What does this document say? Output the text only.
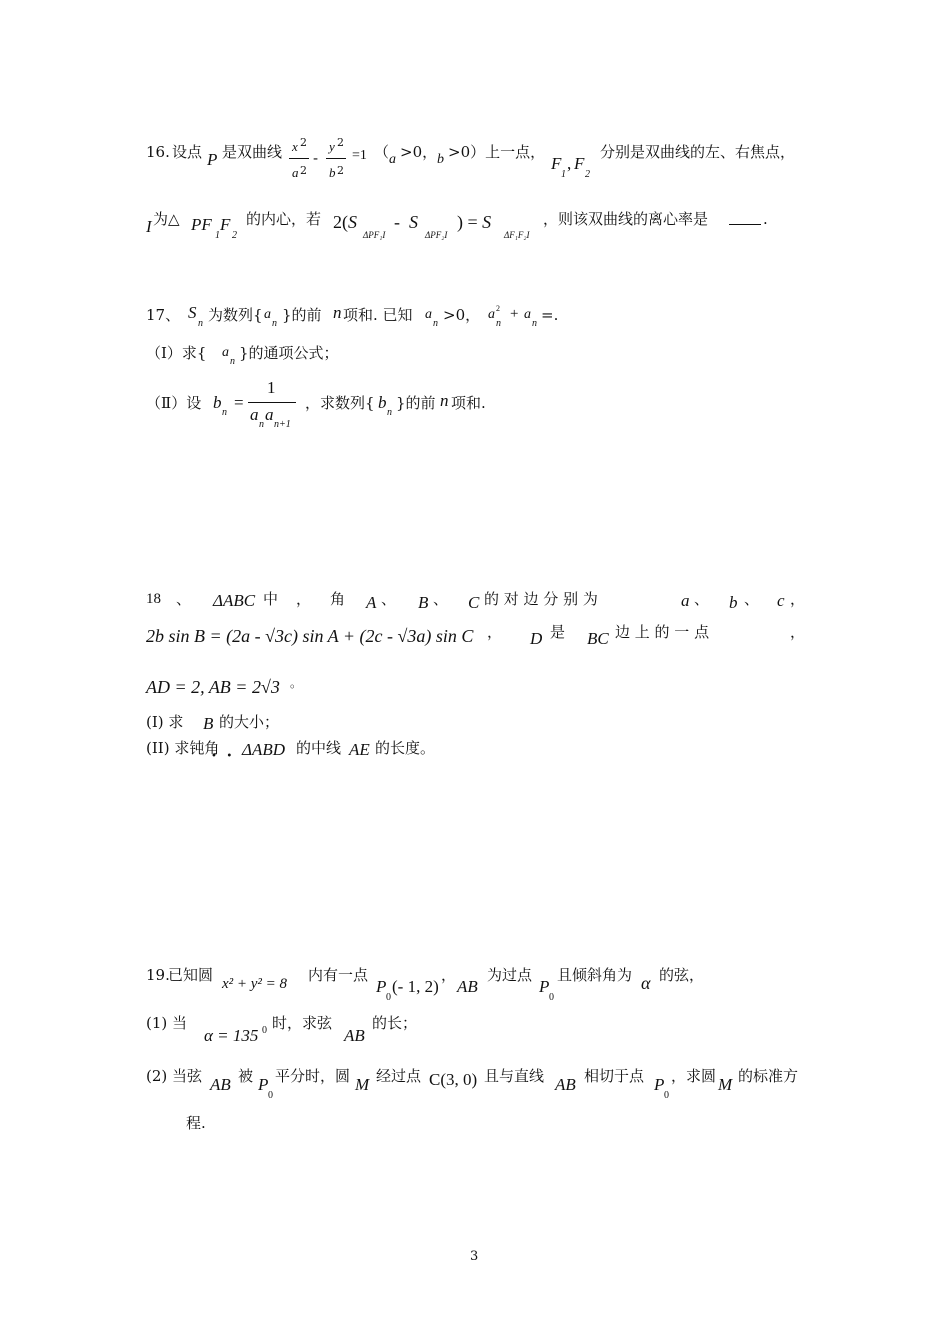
16. 设点 P 是双曲线 x 2
a 2
-
y 2
b 2
=1 （ a >0， b >0）上一点，
F
1
, F
2
分别是双曲线的左、右焦点，
I 为△ PF
1
F
2
的内心，若 2(S
ΔPF₁I
-  S
ΔPF₂I
) = S
ΔF₁F₂I
，则该双曲线的离心率是	.
17、 S
n 为数列{ a
n }的前 n 项和. 已知 a
n >0， a 2
n
+ a
n =.
（Ⅰ）求{ a
n }的通项公式；
（Ⅱ）设 b
n
=
1
a
n
a
n+1
，求数列{ b
n
}的前 n 项和.
18 、 ΔABC 中 ， 角 A 、 B 、 C 的 对 边 分 别 为	a 、 b 、 c ，
2b sin B = (2a - √3c) sin A + (2c - √3a) sin C ， D 是 BC 边 上 的 一 点	，
AD = 2, AB = 2√3 。
(I) 求 B 的大小；
(II) 求钝角
•   • ΔABD 的中线 AE 的长度。
19.
已知圆 x² + y² = 8 内有一点
P
0
(- 1, 2)
，
AB
为过点
P
0
且倾斜角为 α 的弦，
(1) 当
α = 135 0 时，求弦
AB
的长；
(2) 当弦 AB 被 P
0
平分时，圆 M 经过点 C(3, 0) 且与直线 AB 相切于点 P
0
，求圆 M 的标准方
程.
3
